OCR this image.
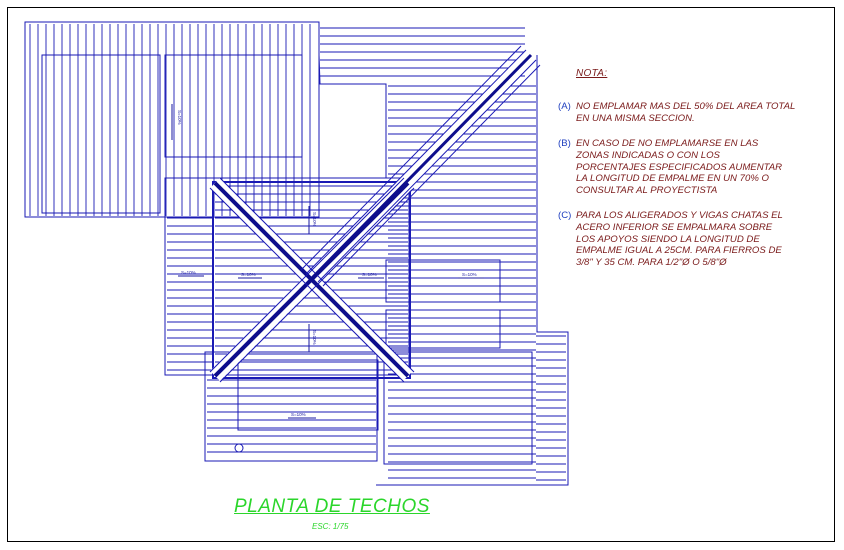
S=10%
S=10%
S=10%
S=10%	S=10%	S=10%
S=10%
S=10%
NOTA:
(A) NO EMPLAMAR MAS DEL 50% DEL AREA TOTAL
EN UNA MISMA SECCION.
(B) EN CASO DE NO EMPLAMARSE EN LAS
ZONAS INDICADAS O CON LOS
PORCENTAJES ESPECIFICADOS AUMENTAR
LA LONGITUD DE EMPALME EN UN 70% O
CONSULTAR AL PROYECTISTA
(C) PARA LOS ALIGERADOS Y VIGAS CHATAS EL
ACERO INFERIOR SE EMPALMARA SOBRE
LOS APOYOS SIENDO LA LONGITUD DE
EMPALME IGUAL A 25CM. PARA FIERROS DE
3/8" Y 35 CM. PARA 1/2"Ø O 5/8"Ø
PLANTA DE TECHOS
ESC: 1/75
